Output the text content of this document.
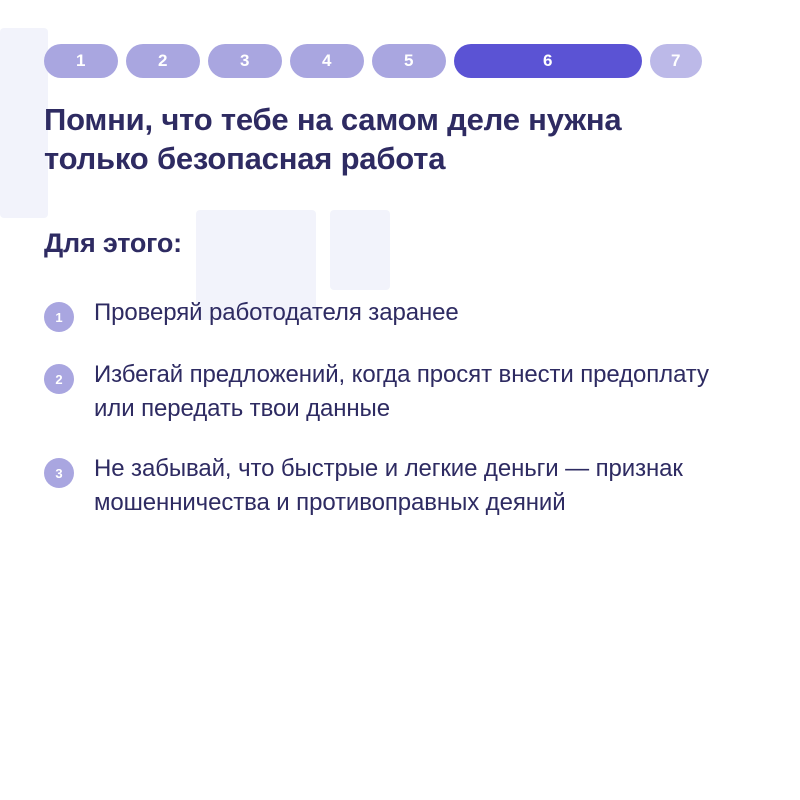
1	2	3	4	5	6	7
Помни, что тебе на самом деле нужна только безопасная работа
Для этого:
1	Проверяй работодателя заранее
2	Избегай предложений, когда просят внести предоплату или передать твои данные
3	Не забывай, что быстрые и легкие деньги — признак мошенничества и противоправных деяний
